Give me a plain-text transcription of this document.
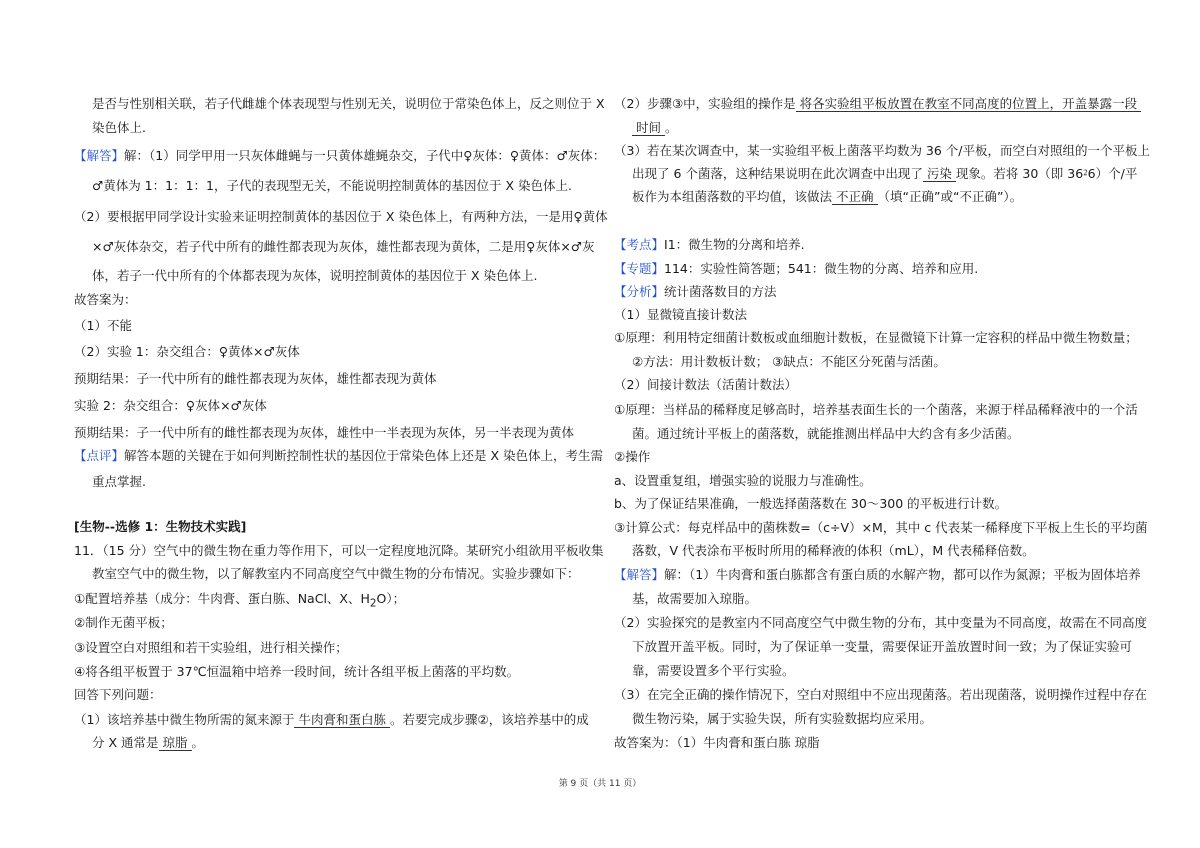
是否与性别相关联，若子代雌雄个体表现型与性别无关，说明位于常染色体上，反之则位于 X
染色体上.
【解答】解：（1）同学甲用一只灰体雌蝇与一只黄体雄蝇杂交，子代中♀灰体：♀黄体：♂灰体：
♂黄体为 1：1：1：1，子代的表现型无关，不能说明控制黄体的基因位于 X 染色体上.
（2）要根据甲同学设计实验来证明控制黄体的基因位于 X 染色体上，有两种方法，一是用♀黄体
×♂灰体杂交，若子代中所有的雌性都表现为灰体，雄性都表现为黄体，二是用♀灰体×♂灰
体，若子一代中所有的个体都表现为灰体，说明控制黄体的基因位于 X 染色体上.
故答案为：
（1）不能
（2）实验 1：杂交组合：♀黄体×♂灰体
预期结果：子一代中所有的雌性都表现为灰体，雄性都表现为黄体
实验 2：杂交组合：♀灰体×♂灰体
预期结果：子一代中所有的雌性都表现为灰体，雄性中一半表现为灰体，另一半表现为黄体
【点评】解答本题的关键在于如何判断控制性状的基因位于常染色体上还是 X 染色体上，考生需
重点掌握.
[生物--选修 1：生物技术实践]
11．（15 分）空气中的微生物在重力等作用下，可以一定程度地沉降。某研究小组欲用平板收集
教室空气中的微生物，以了解教室内不同高度空气中微生物的分布情况。实验步骤如下：
①配置培养基（成分：牛肉膏、蛋白胨、NaCl、X、$H_2O$）；
②制作无菌平板；
③设置空白对照组和若干实验组，进行相关操作；
④将各组平板置于 37℃恒温箱中培养一段时间，统计各组平板上菌落的平均数。
回答下列问题：
（1）该培养基中微生物所需的氮来源于 牛肉膏和蛋白胨 。若要完成步骤②，该培养基中的成
分 X 通常是 琼脂 。
（2）步骤③中，实验组的操作是 将各实验组平板放置在教室不同高度的位置上，开盖暴露一段
时间 。
（3）若在某次调查中，某一实验组平板上菌落平均数为 36 个/平板，而空白对照组的一个平板上
出现了 6 个菌落，这种结果说明在此次调查中出现了 污染 现象。若将 30（即 36⁲6）个/平
板作为本组菌落数的平均值，该做法 不正确 （填“正确”或“不正确”）。
【考点】I1：微生物的分离和培养.
【专题】114：实验性简答题；541：微生物的分离、培养和应用.
【分析】统计菌落数目的方法
（1）显微镜直接计数法
①原理：利用特定细菌计数板或血细胞计数板，在显微镜下计算一定容积的样品中微生物数量；
②方法：用计数板计数； ③缺点：不能区分死菌与活菌。
（2）间接计数法（活菌计数法）
①原理：当样品的稀释度足够高时，培养基表面生长的一个菌落，来源于样品稀释液中的一个活
菌。通过统计平板上的菌落数，就能推测出样品中大约含有多少活菌。
②操作
a、设置重复组，增强实验的说服力与准确性。
b、为了保证结果准确，一般选择菌落数在 30～300 的平板进行计数。
③计算公式：每克样品中的菌株数=（c÷V）×M，其中 c 代表某一稀释度下平板上生长的平均菌
落数，V 代表涂布平板时所用的稀释液的体积（mL），M 代表稀释倍数。
【解答】解：（1）牛肉膏和蛋白胨都含有蛋白质的水解产物，都可以作为氮源；平板为固体培养
基，故需要加入琼脂。
（2）实验探究的是教室内不同高度空气中微生物的分布，其中变量为不同高度，故需在不同高度
下放置开盖平板。同时，为了保证单一变量，需要保证开盖放置时间一致；为了保证实验可
靠，需要设置多个平行实验。
（3）在完全正确的操作情况下，空白对照组中不应出现菌落。若出现菌落，说明操作过程中存在
微生物污染，属于实验失误，所有实验数据均应采用。
故答案为：（1）牛肉膏和蛋白胨 琼脂
第 9 页（共 11 页）
